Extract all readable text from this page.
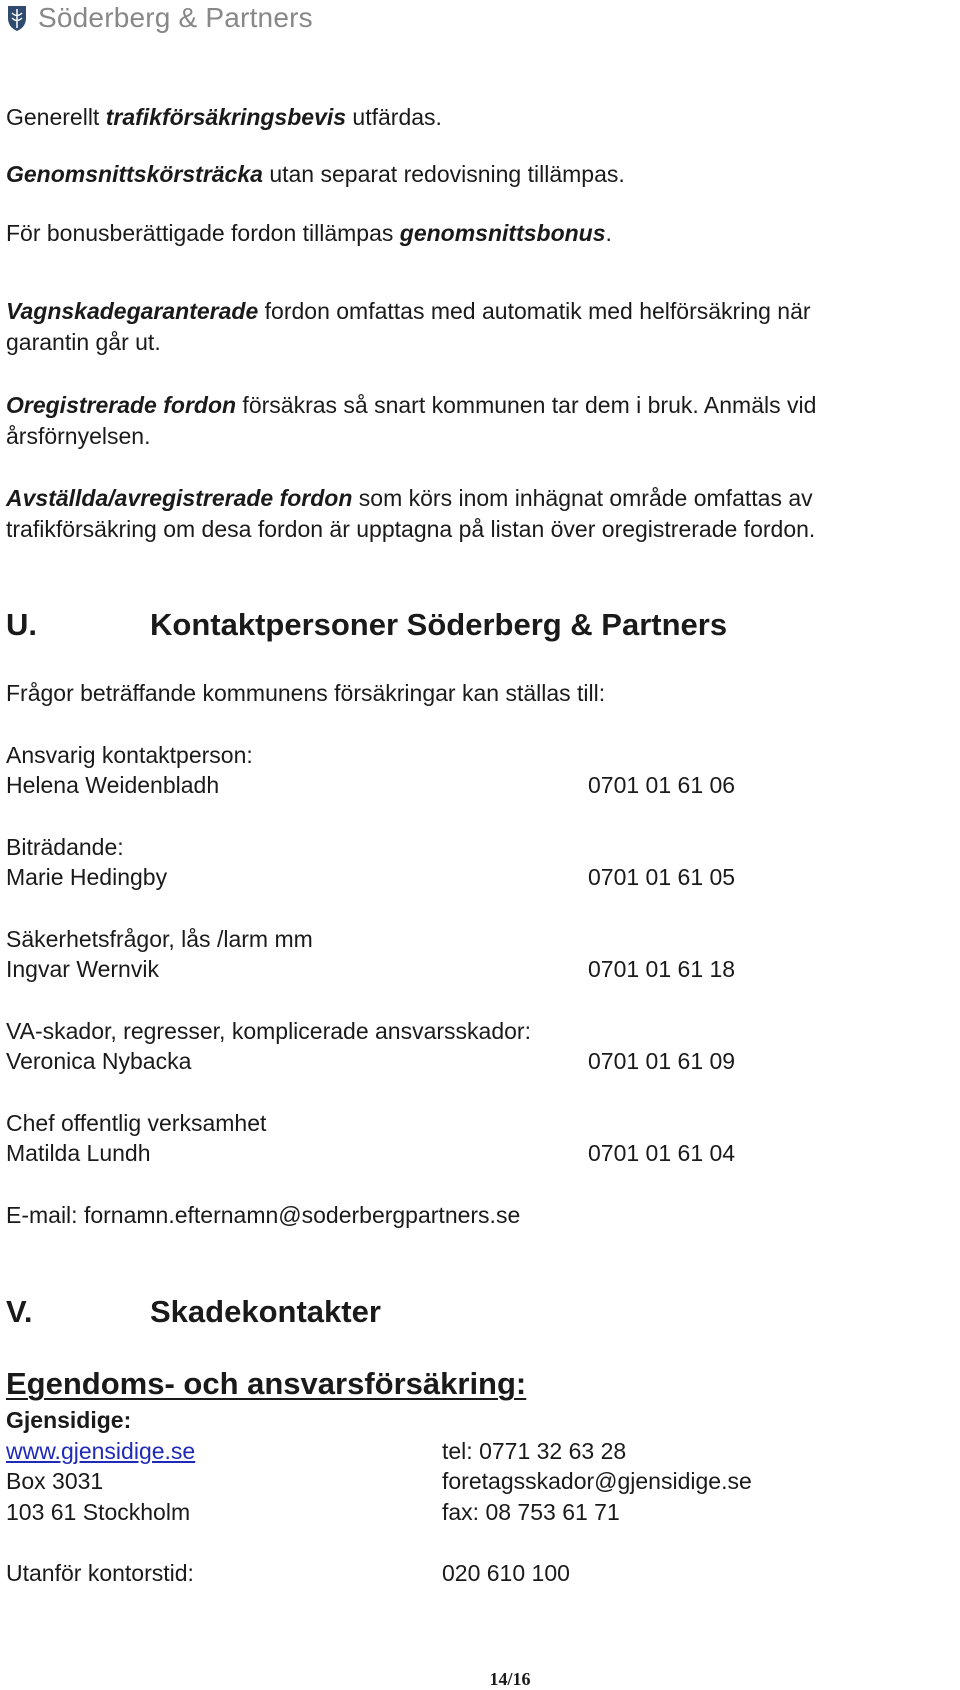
Söderberg & Partners
Generellt trafikförsäkringsbevis utfärdas.
Genomsnittskörsträcka utan separat redovisning tillämpas.
För bonusberättigade fordon tillämpas genomsnittsbonus.
Vagnskadegaranterade fordon omfattas med automatik med helförsäkring när
garantin går ut.
Oregistrerade fordon försäkras så snart kommunen tar dem i bruk. Anmäls vid
årsförnyelsen.
Avställda/avregistrerade fordon som körs inom inhägnat område omfattas av
trafikförsäkring om desa fordon är upptagna på listan över oregistrerade fordon.
U.	Kontaktpersoner Söderberg & Partners
Frågor beträffande kommunens försäkringar kan ställas till:
Ansvarig kontaktperson:
Helena Weidenbladh	0701 01 61 06
Biträdande:
Marie Hedingby	0701 01 61 05
Säkerhetsfrågor, lås /larm mm
Ingvar Wernvik	0701 01 61 18
VA-skador, regresser, komplicerade ansvarsskador:
Veronica Nybacka	0701 01 61 09
Chef offentlig verksamhet
Matilda Lundh	0701 01 61 04
E-mail: fornamn.efternamn@soderbergpartners.se
V.	Skadekontakter
Egendoms- och ansvarsförsäkring:
Gjensidige:
www.gjensidige.se	tel: 0771 32 63 28
Box 3031	foretagsskador@gjensidige.se
103 61 Stockholm	fax: 08 753 61 71
Utanför kontorstid:	020 610 100
14/16
